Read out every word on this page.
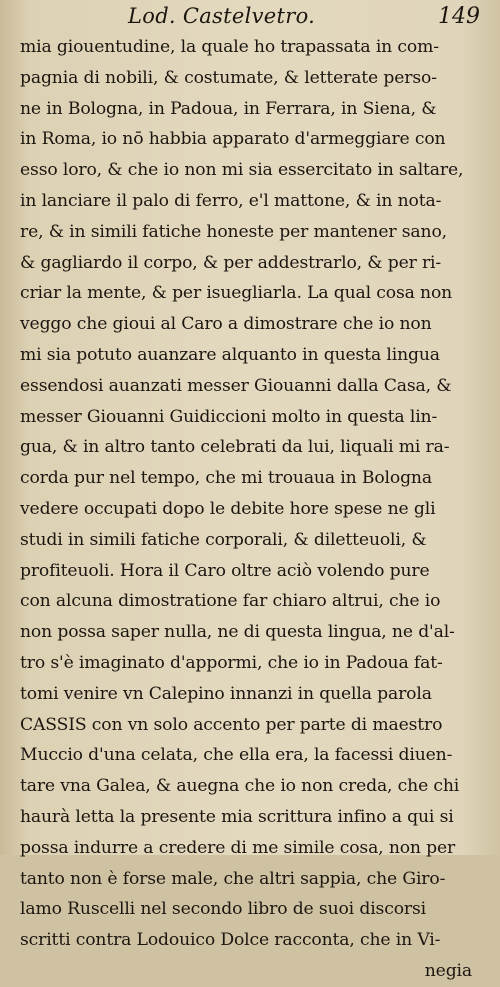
Lod. Castelvetro.	149
mia giouentudine, la quale ho trapassata in com-
pagnia di nobili, & costumate, & letterate perso-
ne in Bologna, in Padoua, in Ferrara, in Siena, &
in Roma, io nō habbia apparato d'armeggiare con
esso loro, & che io non mi sia essercitato in saltare,
in lanciare il palo di ferro, e'l mattone, & in nota-
re, & in simili fatiche honeste per mantener sano,
& gagliardo il corpo, & per addestrarlo, & per ri-
criar la mente, & per isuegliarla. La qual cosa non
veggo che gioui al Caro a dimostrare che io non
mi sia potuto auanzare alquanto in questa lingua
essendosi auanzati messer Giouanni dalla Casa, &
messer Giouanni Guidiccioni molto in questa lin-
gua, & in altro tanto celebrati da lui, liquali mi ra-
corda pur nel tempo, che mi trouaua in Bologna
vedere occupati dopo le debite hore spese ne gli
studi in simili fatiche corporali, & diletteuoli, &
profiteuoli. Hora il Caro oltre aciò volendo pure
con alcuna dimostratione far chiaro altrui, che io
non possa saper nulla, ne di questa lingua, ne d'al-
tro s'è imaginato d'appormi, che io in Padoua fat-
tomi venire vn Calepino innanzi in quella parola
CASSIS con vn solo accento per parte di maestro
Muccio d'una celata, che ella era, la facessi diuen-
tare vna Galea, & auegna che io non creda, che chi
haurà letta la presente mia scrittura infino a qui si
possa indurre a credere di me simile cosa, non per
tanto non è forse male, che altri sappia, che Giro-
lamo Ruscelli nel secondo libro de suoi discorsi
scritti contra Lodouico Dolce racconta, che in Vi-
negia
